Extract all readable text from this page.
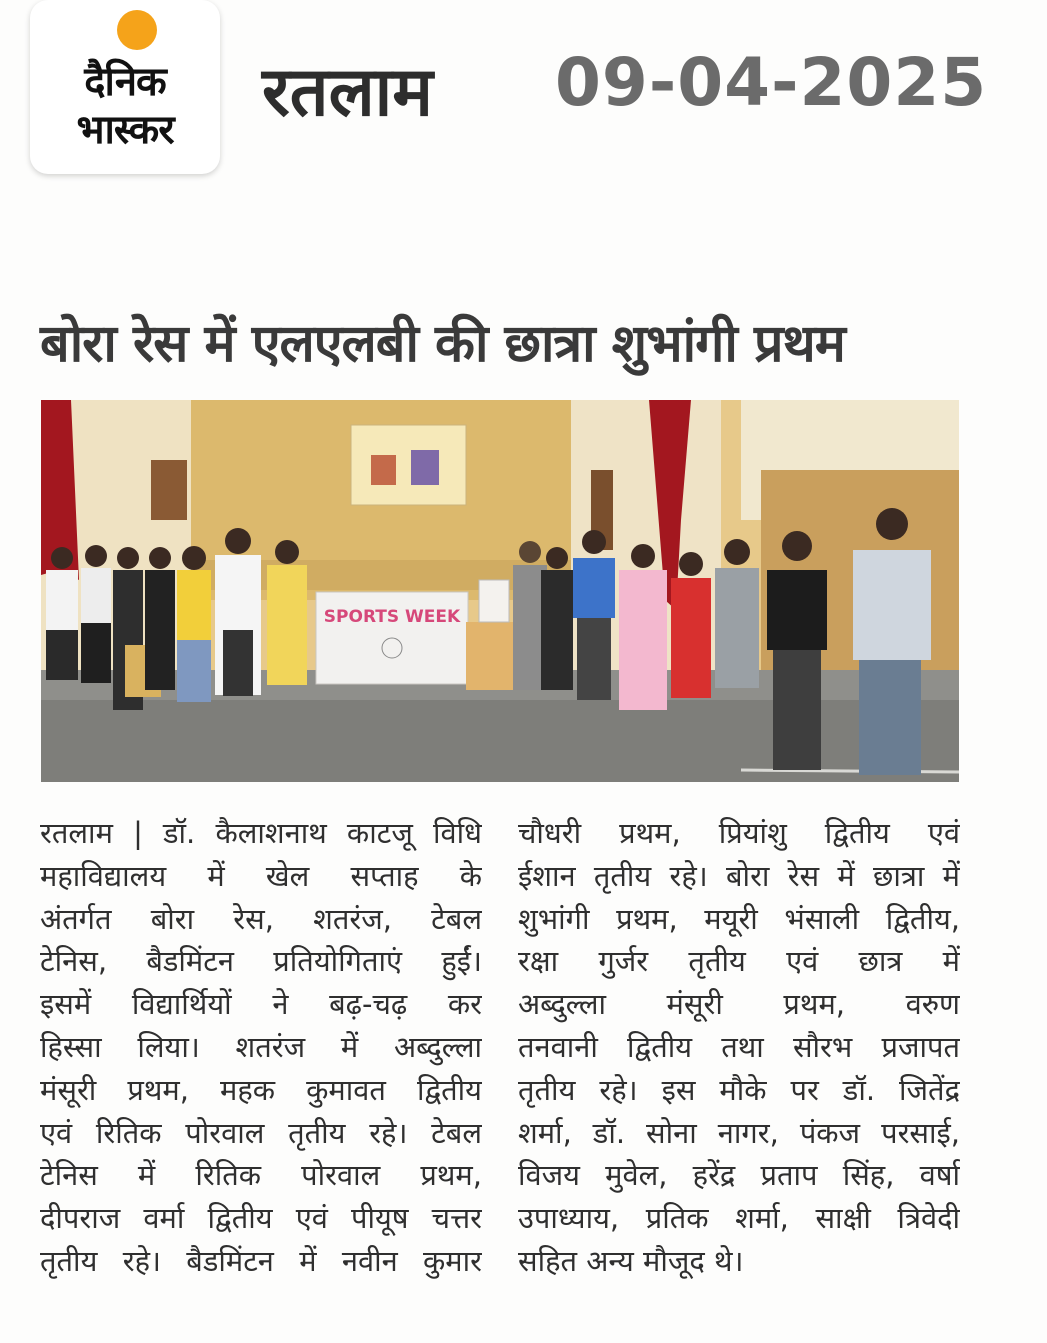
दैनिक
भास्कर	रतलाम 09-04-2025
बोरा रेस में एलएलबी की छात्रा शुभांगी प्रथम
SPORTS WEEK
रतलाम | डॉ. कैलाशनाथ काटजू विधि
महाविद्यालय में खेल सप्ताह के
अंतर्गत बोरा रेस, शतरंज, टेबल
टेनिस, बैडमिंटन प्रतियोगिताएं हुईं।
इसमें विद्यार्थियों ने बढ़-चढ़ कर
हिस्सा लिया। शतरंज में अब्दुल्ला
मंसूरी प्रथम, महक कुमावत द्वितीय
एवं रितिक पोरवाल तृतीय रहे। टेबल
टेनिस में रितिक पोरवाल प्रथम,
दीपराज वर्मा द्वितीय एवं पीयूष चत्तर
तृतीय रहे। बैडमिंटन में नवीन कुमार
चौधरी प्रथम, प्रियांशु द्वितीय एवं
ईशान तृतीय रहे। बोरा रेस में छात्रा में
शुभांगी प्रथम, मयूरी भंसाली द्वितीय,
रक्षा गुर्जर तृतीय एवं छात्र में
अब्दुल्ला मंसूरी प्रथम, वरुण
तनवानी द्वितीय तथा सौरभ प्रजापत
तृतीय रहे। इस मौके पर डॉ. जितेंद्र
शर्मा, डॉ. सोना नागर, पंकज परसाई,
विजय मुवेल, हरेंद्र प्रताप सिंह, वर्षा
उपाध्याय, प्रतिक शर्मा, साक्षी त्रिवेदी
सहित अन्य मौजूद थे।
